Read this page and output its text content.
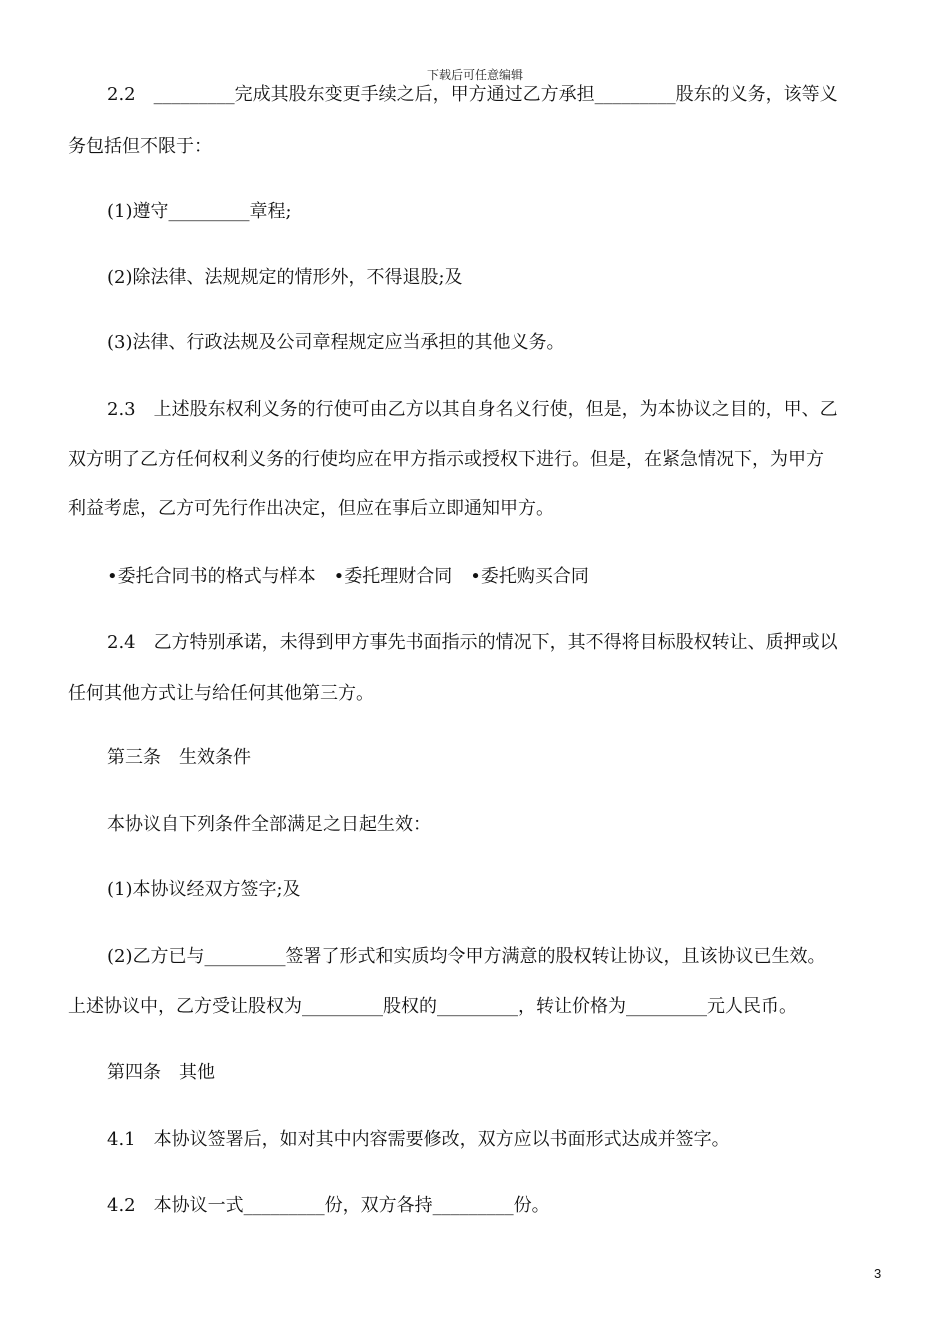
下载后可任意编辑
2.2　_________完成其股东变更手续之后，甲方通过乙方承担_________股东的义务，该等义
务包括但不限于：
(1)遵守_________章程;
(2)除法律、法规规定的情形外，不得退股;及
(3)法律、行政法规及公司章程规定应当承担的其他义务。
2.3　上述股东权利义务的行使可由乙方以其自身名义行使，但是，为本协议之目的，甲、乙
双方明了乙方任何权利义务的行使均应在甲方指示或授权下进行。但是，在紧急情况下，为甲方
利益考虑，乙方可先行作出决定，但应在事后立即通知甲方。
•委托合同书的格式与样本　•委托理财合同　•委托购买合同
2.4　乙方特别承诺，未得到甲方事先书面指示的情况下，其不得将目标股权转让、质押或以
任何其他方式让与给任何其他第三方。
第三条　生效条件
本协议自下列条件全部满足之日起生效：
(1)本协议经双方签字;及
(2)乙方已与_________签署了形式和实质均令甲方满意的股权转让协议，且该协议已生效。
上述协议中，乙方受让股权为_________股权的_________，转让价格为_________元人民币。
第四条　其他
4.1　本协议签署后，如对其中内容需要修改，双方应以书面形式达成并签字。
4.2　本协议一式_________份，双方各持_________份。
3
